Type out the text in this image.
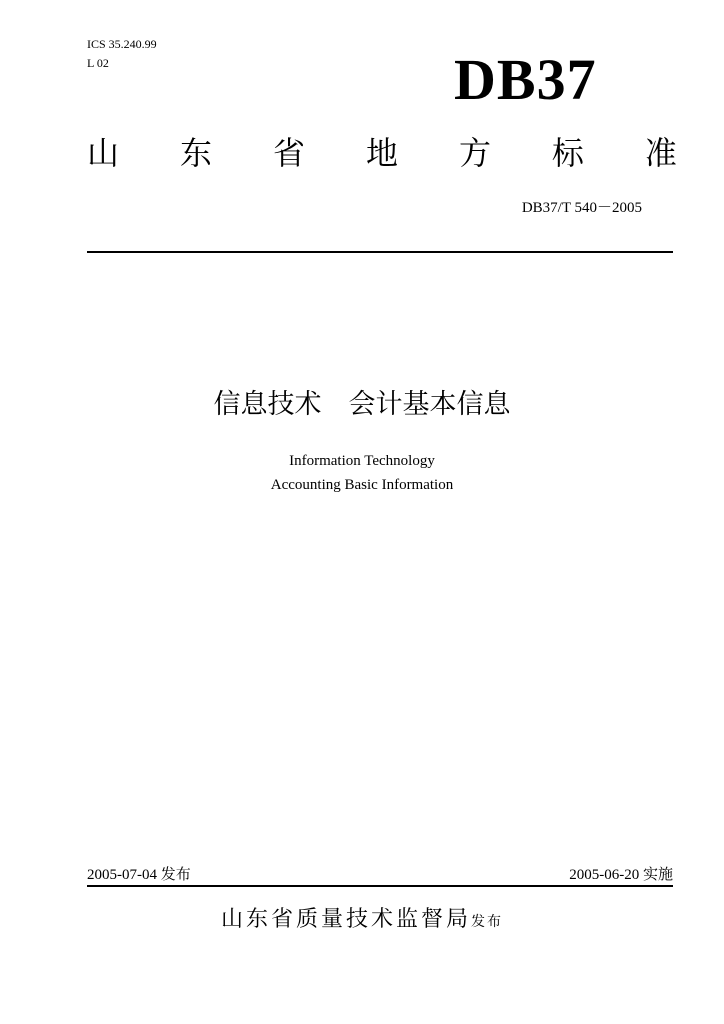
ICS 35.240.99
L 02	DB37
山 东 省 地 方 标 准
DB37/T 540－2005
信息技术　会计基本信息
Information Technology
Accounting Basic Information
2005-07-04 发布	2005-06-20 实施
山东省质量技术监督局发布
